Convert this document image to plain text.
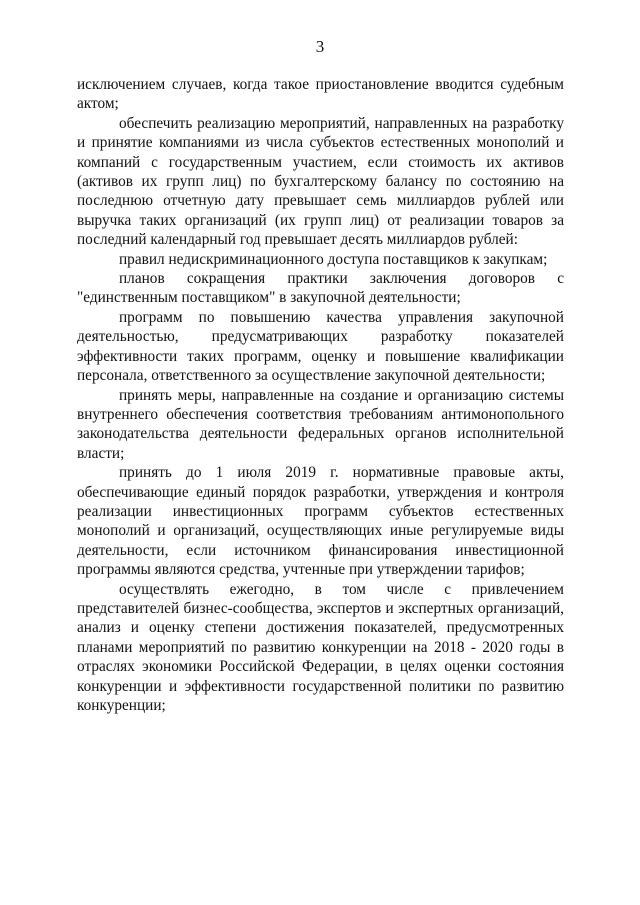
3

исключением случаев, когда такое приостановление вводится судебным актом;

обеспечить реализацию мероприятий, направленных на разработку и принятие компаниями из числа субъектов естественных монополий и компаний с государственным участием, если стоимость их активов (активов их групп лиц) по бухгалтерскому балансу по состоянию на последнюю отчетную дату превышает семь миллиардов рублей или выручка таких организаций (их групп лиц) от реализации товаров за последний календарный год превышает десять миллиардов рублей:

правил недискриминационного доступа поставщиков к закупкам;

планов сокращения практики заключения договоров с "единственным поставщиком" в закупочной деятельности;

программ по повышению качества управления закупочной деятельностью, предусматривающих разработку показателей эффективности таких программ, оценку и повышение квалификации персонала, ответственного за осуществление закупочной деятельности;

принять меры, направленные на создание и организацию системы внутреннего обеспечения соответствия требованиям антимонопольного законодательства деятельности федеральных органов исполнительной власти;

принять до 1 июля 2019 г. нормативные правовые акты, обеспечивающие единый порядок разработки, утверждения и контроля реализации инвестиционных программ субъектов естественных монополий и организаций, осуществляющих иные регулируемые виды деятельности, если источником финансирования инвестиционной программы являются средства, учтенные при утверждении тарифов;

осуществлять ежегодно, в том числе с привлечением представителей бизнес-сообщества, экспертов и экспертных организаций, анализ и оценку степени достижения показателей, предусмотренных планами мероприятий по развитию конкуренции на 2018 - 2020 годы в отраслях экономики Российской Федерации, в целях оценки состояния конкуренции и эффективности государственной политики по развитию конкуренции;
